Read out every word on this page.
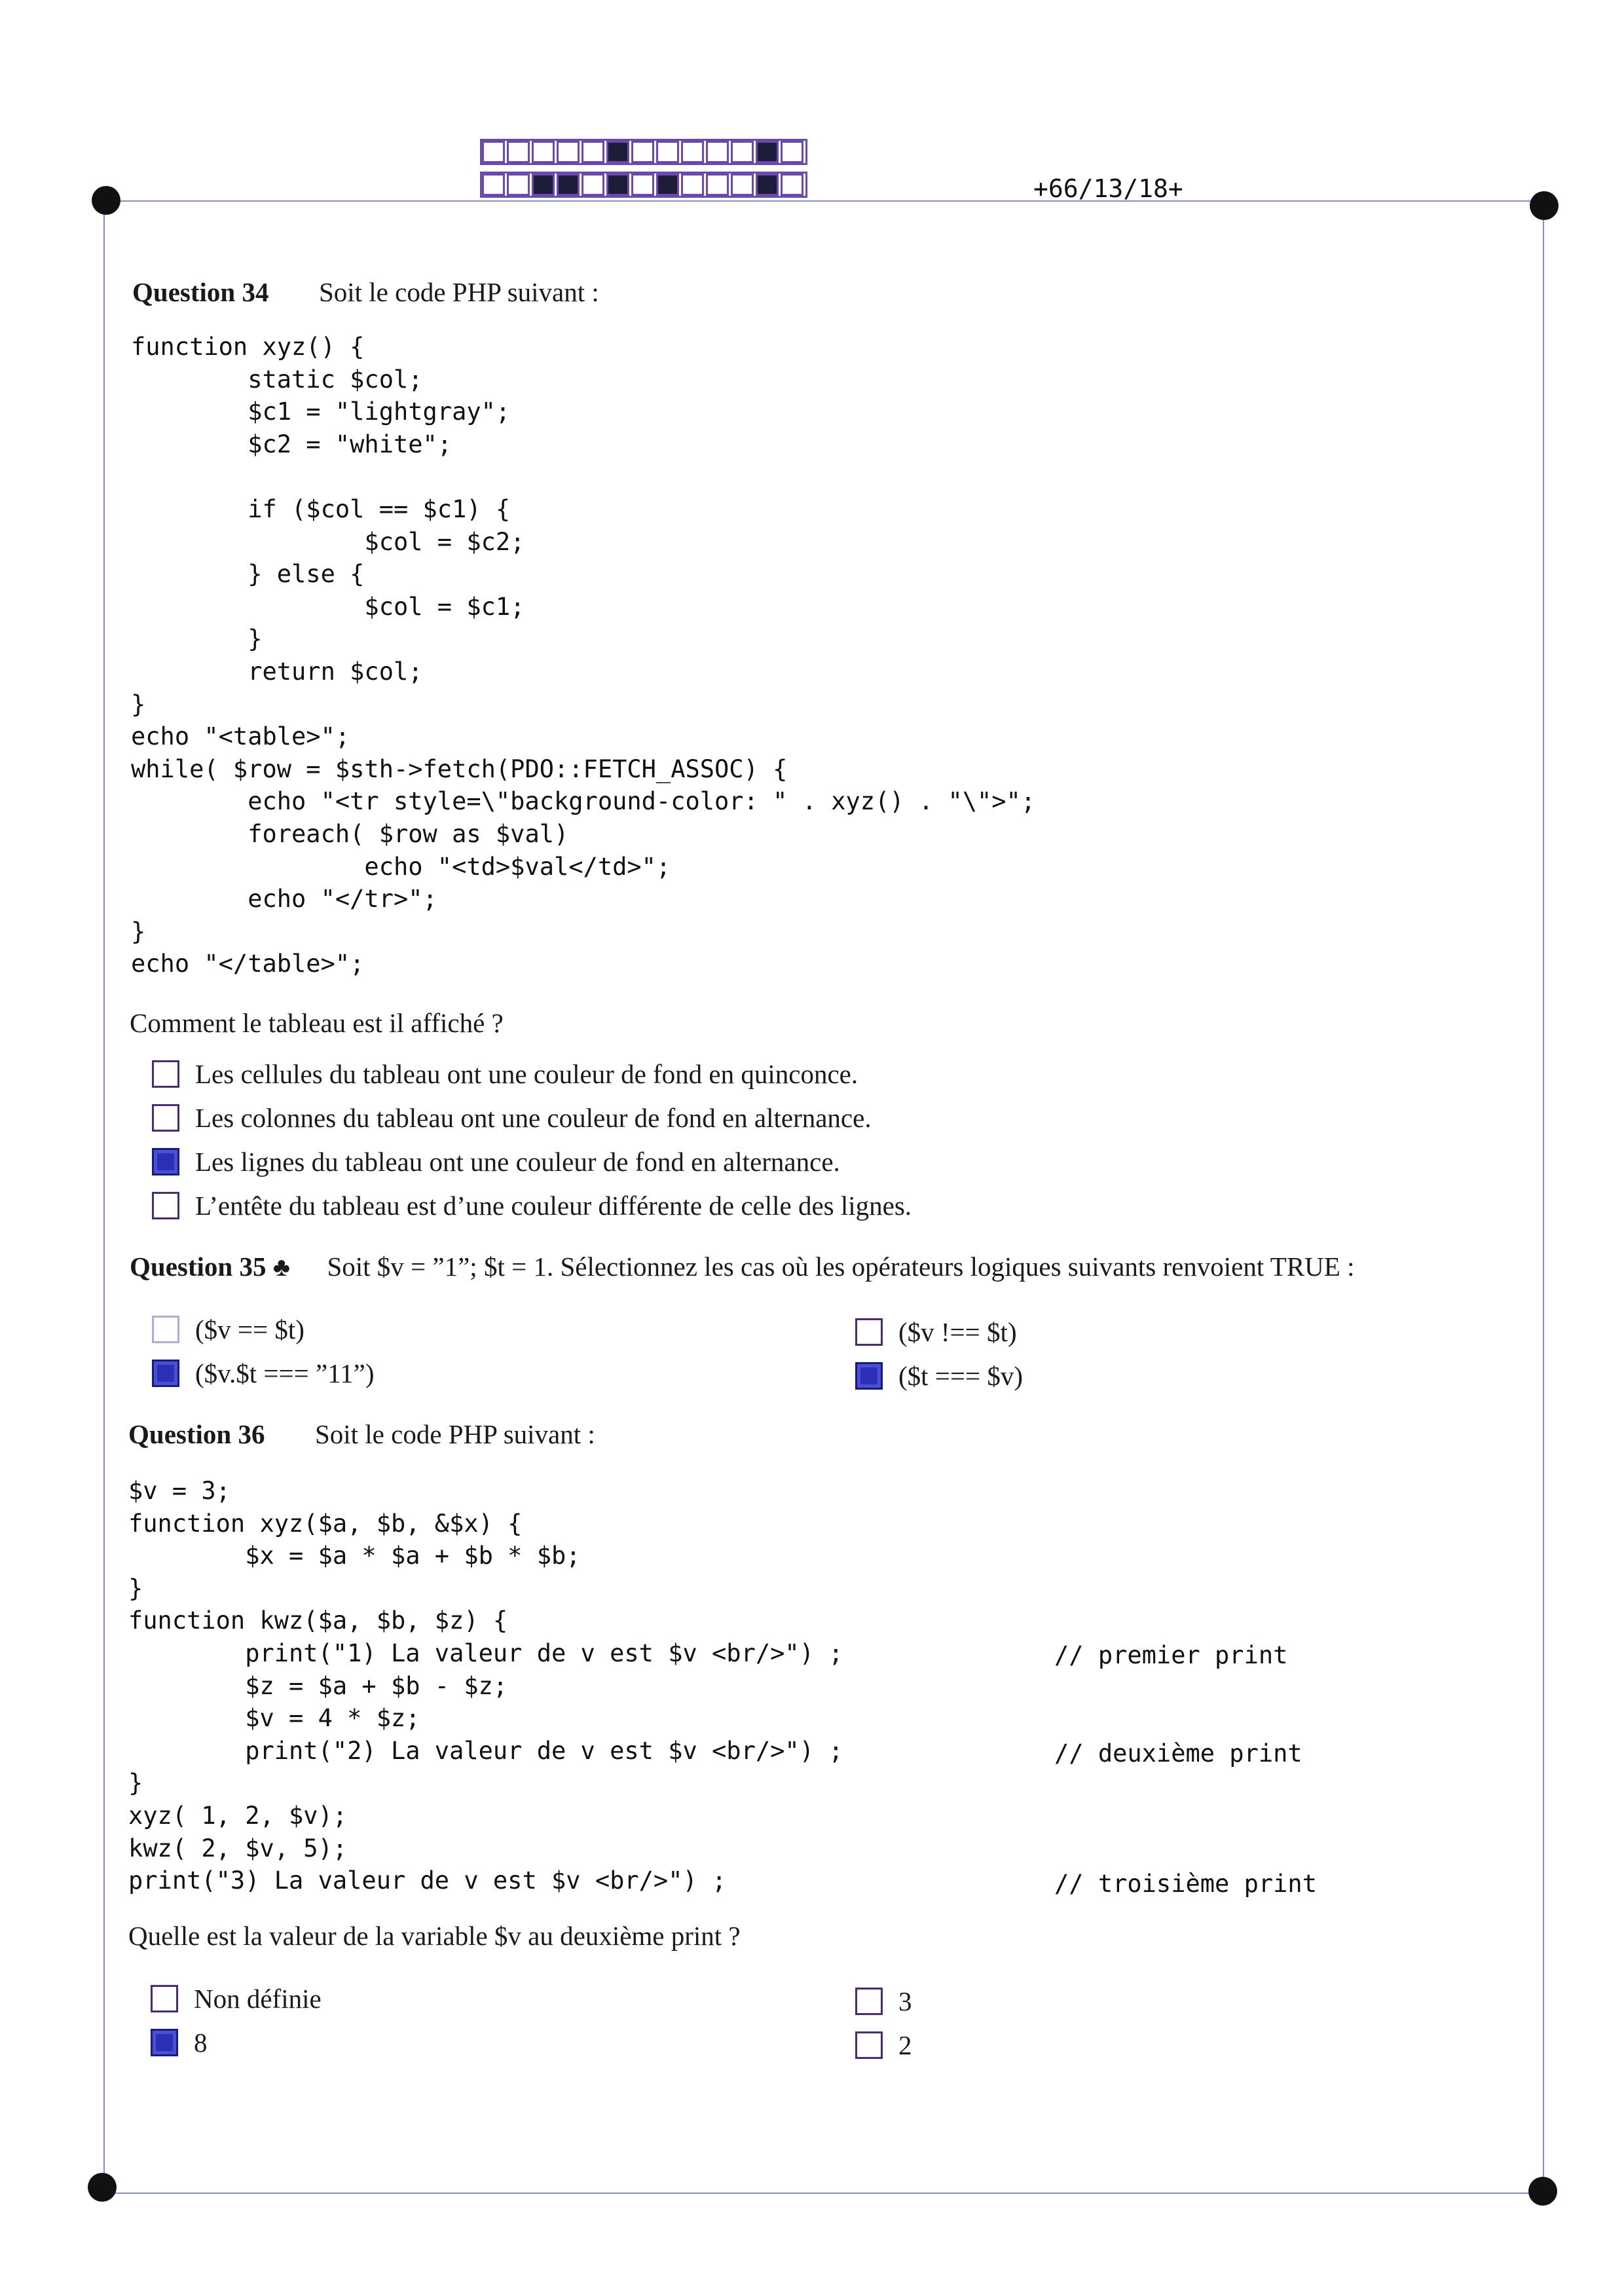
+66/13/18+
Question 34 Soit le code PHP suivant :
function xyz() {
static $col;
$c1 = "lightgray";
$c2 = "white";

if ($col == $c1) {
$col = $c2;
} else {
$col = $c1;
}
return $col;
}
echo "<table>";
while( $row = $sth->fetch(PDO::FETCH_ASSOC) {
echo "<tr style=\"background-color: " . xyz() . "\">";
foreach( $row as $val)
echo "<td>$val</td>";
echo "</tr>";
}
echo "</table>";
Comment le tableau est il affiché ?
Les cellules du tableau ont une couleur de fond en quinconce.
Les colonnes du tableau ont une couleur de fond en alternance.
Les lignes du tableau ont une couleur de fond en alternance.
L’entête du tableau est d’une couleur différente de celle des lignes.
Question 35 ♣ Soit $v = ”1”; $t = 1. Sélectionnez les cas où les opérateurs logiques suivants renvoient TRUE :
($v == $t)	($v !== $t)
($v.$t === ”11”)	($t === $v)
Question 36 Soit le code PHP suivant :
$v = 3;
function xyz($a, $b, &$x) {
$x = $a * $a + $b * $b;
}
function kwz($a, $b, $z) {
print("1) La valeur de v est $v <br/>") ;
$z = $a + $b - $z;
$v = 4 * $z;
print("2) La valeur de v est $v <br/>") ;
}
xyz( 1, 2, $v);
kwz( 2, $v, 5);
print("3) La valeur de v est $v <br/>") ;
// premier print
// deuxième print
// troisième print
Quelle est la valeur de la variable $v au deuxième print ?
Non définie	3
8	2
